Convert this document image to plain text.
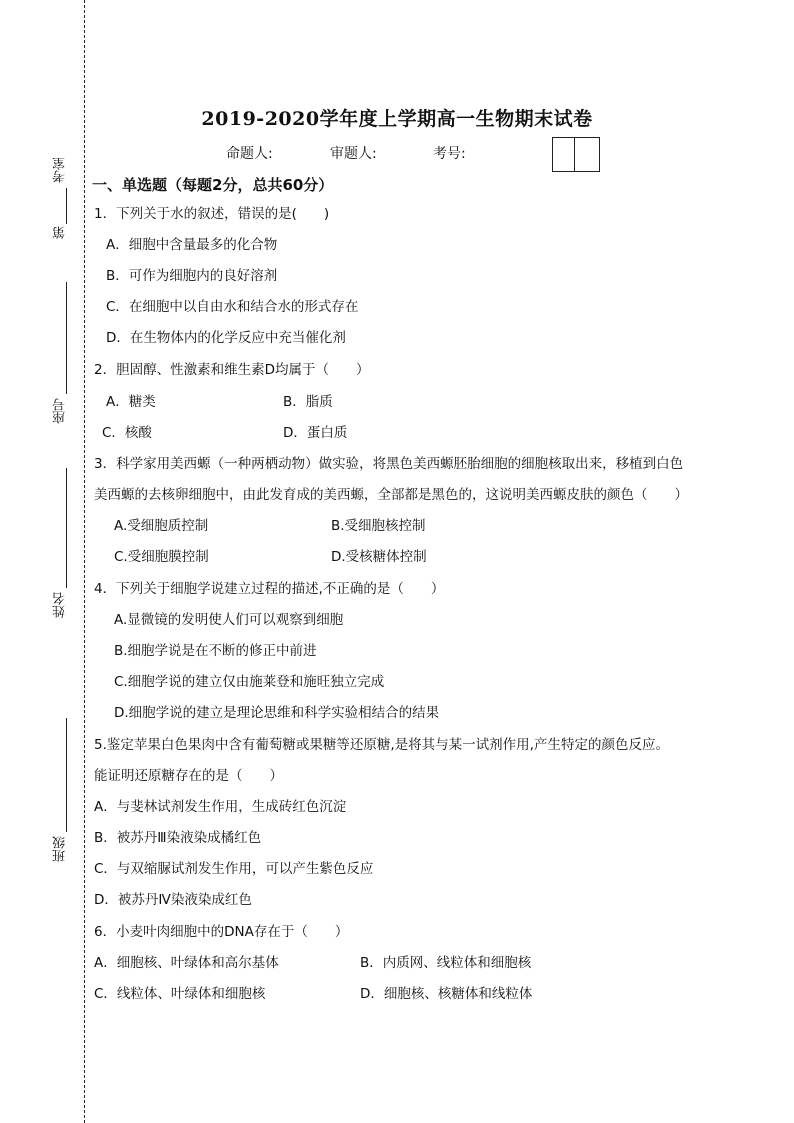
考室
第
座号
姓名
班级
2019-2020学年度上学期高一生物期末试卷
命题人:	审题人:	考号:
一、单选题（每题2分，总共60分）
1．下列关于水的叙述，错误的是(　　)
A．细胞中含量最多的化合物
B．可作为细胞内的良好溶剂
C．在细胞中以自由水和结合水的形式存在
D．在生物体内的化学反应中充当催化剂
2．胆固醇、性激素和维生素D均属于（　　）
A．糖类	B．脂质
C．核酸	D．蛋白质
3．科学家用美西螈（一种两栖动物）做实验，将黑色美西螈胚胎细胞的细胞核取出来，移植到白色
美西螈的去核卵细胞中，由此发育成的美西螈，全部都是黑色的，这说明美西螈皮肤的颜色（　　）
A.受细胞质控制	B.受细胞核控制
C.受细胞膜控制	D.受核糖体控制
4．下列关于细胞学说建立过程的描述,不正确的是（　　）
A.显微镜的发明使人们可以观察到细胞
B.细胞学说是在不断的修正中前进
C.细胞学说的建立仅由施莱登和施旺独立完成
D.细胞学说的建立是理论思维和科学实验相结合的结果
5.鉴定苹果白色果肉中含有葡萄糖或果糖等还原糖,是将其与某一试剂作用,产生特定的颜色反应。
能证明还原糖存在的是（　　）
A．与斐林试剂发生作用，生成砖红色沉淀
B．被苏丹Ⅲ染液染成橘红色
C．与双缩脲试剂发生作用，可以产生紫色反应
D．被苏丹Ⅳ染液染成红色
6．小麦叶肉细胞中的DNA存在于（　　）
A．细胞核、叶绿体和高尔基体	B．内质网、线粒体和细胞核
C．线粒体、叶绿体和细胞核	D．细胞核、核糖体和线粒体
